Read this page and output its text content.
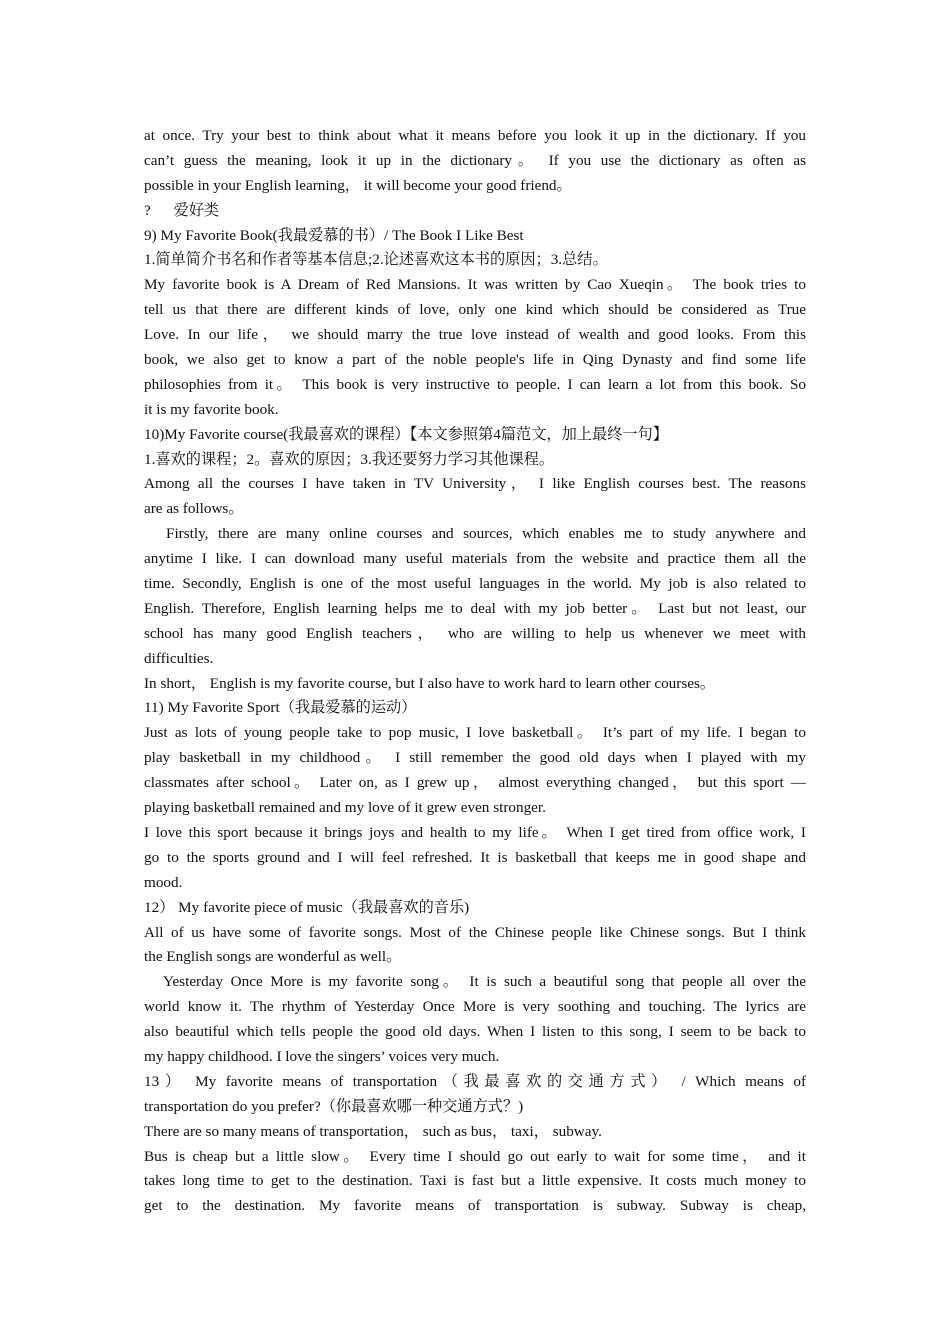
at once. Try your best to think about what it means before you look it up in the dictionary. If you
can’t guess the meaning, look it up in the dictionary。 If you use the dictionary as often as
possible in your English learning， it will become your good friend。
?      爱好类
9) My Favorite Book(我最爱慕的书）/ The Book I Like Best
1.简单简介书名和作者等基本信息;2.论述喜欢这本书的原因；3.总结。
My favorite book is A Dream of Red Mansions. It was written by Cao Xueqin。 The book tries to
tell us that there are different kinds of love, only one kind which should be considered as True
Love. In our life， we should marry the true love instead of wealth and good looks. From this
book, we also get to know a part of the noble people's life in Qing Dynasty and find some life
philosophies from it。 This book is very instructive to people. I can learn a lot from this book. So
it is my favorite book.
10)My Favorite course(我最喜欢的课程）【本文参照第4篇范文，加上最终一句】
1.喜欢的课程；2。喜欢的原因；3.我还要努力学习其他课程。
Among all the courses I have taken in TV University， I like English courses best. The reasons
are as follows。
Firstly, there are many online courses and sources, which enables me to study anywhere and
anytime I like. I can download many useful materials from the website and practice them all the
time. Secondly, English is one of the most useful languages in the world. My job is also related to
English. Therefore, English learning helps me to deal with my job better。 Last but not least, our
school has many good English teachers， who are willing to help us whenever we meet with
difficulties.
In short， English is my favorite course, but I also have to work hard to learn other courses。
11) My Favorite Sport（我最爱慕的运动）
Just as lots of young people take to pop music, I love basketball。 It’s part of my life. I began to
play basketball in my childhood。 I still remember the good old days when I played with my
classmates after school。 Later on, as I grew up， almost everything changed， but this sport —
playing basketball remained and my love of it grew even stronger.
I love this sport because it brings joys and health to my life。 When I get tired from office work, I
go to the sports ground and I will feel refreshed. It is basketball that keeps me in good shape and
mood.
12） My favorite piece of music（我最喜欢的音乐)
All of us have some of favorite songs. Most of the Chinese people like Chinese songs. But I think
the English songs are wonderful as well。
Yesterday Once More is my favorite song。 It is such a beautiful song that people all over the
world know it. The rhythm of Yesterday Once More is very soothing and touching. The lyrics are
also beautiful which tells people the good old days. When I listen to this song, I seem to be back to
my happy childhood. I love the singers’ voices very much.
13） My favorite means of transportation（我最喜欢的交通方式） / Which means of
transportation do you prefer?（你最喜欢哪一种交通方式？)
There are so many means of transportation， such as bus， taxi， subway.
Bus is cheap but a little slow。 Every time I should go out early to wait for some time， and it
takes long time to get to the destination. Taxi is fast but a little expensive. It costs much money to
get to the destination. My favorite means of transportation is subway. Subway is cheap,
